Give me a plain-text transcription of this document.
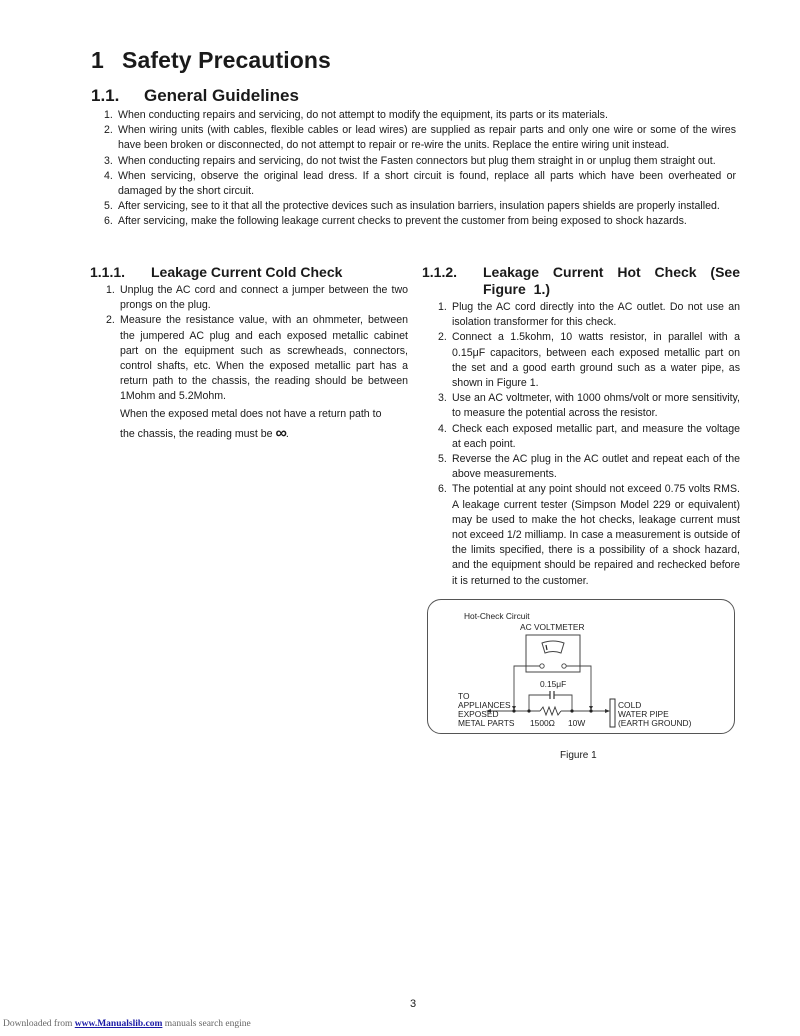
1 Safety Precautions
1.1. General Guidelines
1. When conducting repairs and servicing, do not attempt to modify the equipment, its parts or its materials.
2. When wiring units (with cables, flexible cables or lead wires) are supplied as repair parts and only one wire or some of the wires have been broken or disconnected, do not attempt to repair or re-wire the units. Replace the entire wiring unit instead.
3. When conducting repairs and servicing, do not twist the Fasten connectors but plug them straight in or unplug them straight out.
4. When servicing, observe the original lead dress. If a short circuit is found, replace all parts which have been overheated or damaged by the short circuit.
5. After servicing, see to it that all the protective devices such as insulation barriers, insulation papers shields are properly installed.
6. After servicing, make the following leakage current checks to prevent the customer from being exposed to shock hazards.
1.1.1. Leakage Current Cold Check
1. Unplug the AC cord and connect a jumper between the two prongs on the plug.
2. Measure the resistance value, with an ohmmeter, between the jumpered AC plug and each exposed metallic cabinet part on the equipment such as screwheads, connectors, control shafts, etc. When the exposed metallic part has a return path to the chassis, the reading should be between 1Mohm and 5.2Mohm.
When the exposed metal does not have a return path to
the chassis, the reading must be ∞.
1.1.2. Leakage Current Hot Check (See Figure 1.)
1. Plug the AC cord directly into the AC outlet. Do not use an isolation transformer for this check.
2. Connect a 1.5kohm, 10 watts resistor, in parallel with a 0.15μF capacitors, between each exposed metallic part on the set and a good earth ground such as a water pipe, as shown in Figure 1.
3. Use an AC voltmeter, with 1000 ohms/volt or more sensitivity, to measure the potential across the resistor.
4. Check each exposed metallic part, and measure the voltage at each point.
5. Reverse the AC plug in the AC outlet and repeat each of the above measurements.
6. The potential at any point should not exceed 0.75 volts RMS. A leakage current tester (Simpson Model 229 or equivalent) may be used to make the hot checks, leakage current must not exceed 1/2 milliamp. In case a measurement is outside of the limits specified, there is a possibility of a shock hazard, and the equipment should be repaired and rechecked before it is returned to the customer.
Hot-Check Circuit
AC VOLTMETER
0.15μF
TO
APPLIANCES
EXPOSED
METAL PARTS 1500Ω 10W
COLD
WATER PIPE
(EARTH GROUND)
Figure 1
3
Downloaded from www.Manualslib.com manuals search engine
